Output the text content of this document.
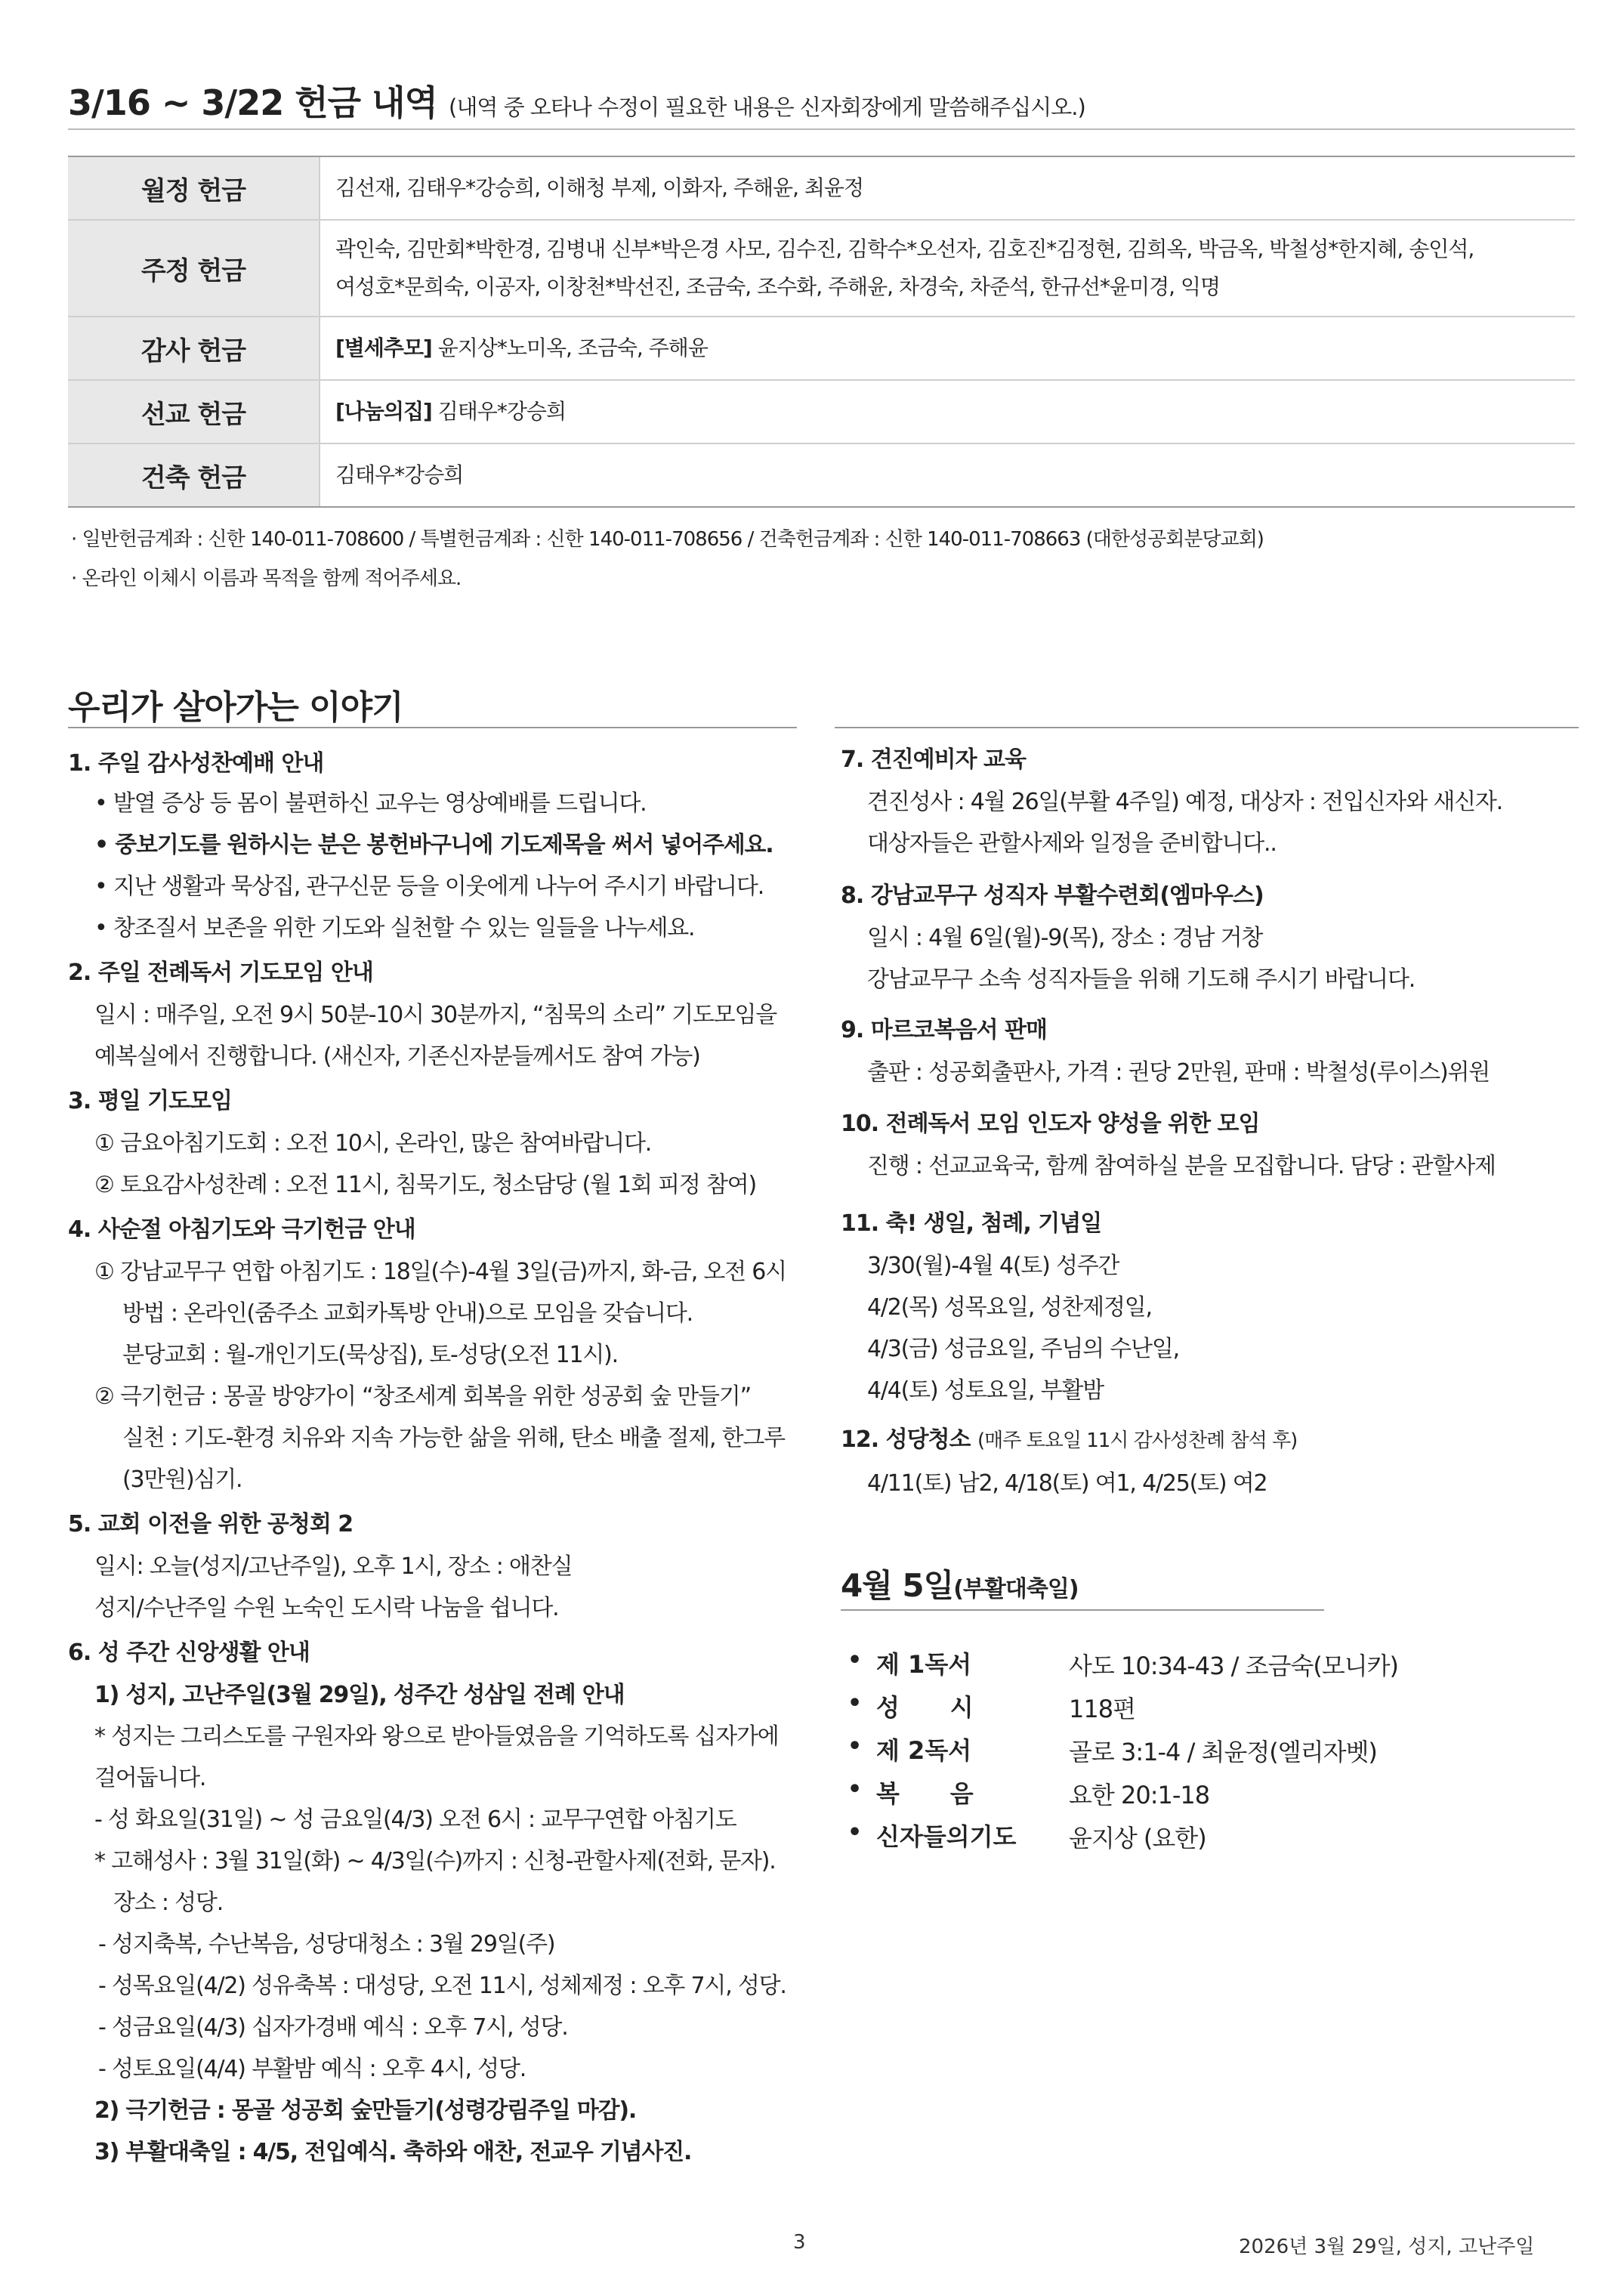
3/16 ~ 3/22 헌금 내역 (내역 중 오타나 수정이 필요한 내용은 신자회장에게 말씀해주십시오.)
월정 헌금	김선재, 김태우*강승희, 이해청 부제, 이화자, 주해윤, 최윤정
주정 헌금	곽인숙, 김만회*박한경, 김병내 신부*박은경 사모, 김수진, 김학수*오선자, 김호진*김정현, 김희옥, 박금옥, 박철성*한지혜, 송인석,
여성호*문희숙, 이공자, 이창천*박선진, 조금숙, 조수화, 주해윤, 차경숙, 차준석, 한규선*윤미경, 익명

감사 헌금	[별세추모] 윤지상*노미옥, 조금숙, 주해윤
선교 헌금	[나눔의집] 김태우*강승희
건축 헌금	김태우*강승희
· 일반헌금계좌 : 신한 140-011-708600 / 특별헌금계좌 : 신한 140-011-708656 / 건축헌금계좌 : 신한 140-011-708663 (대한성공회분당교회)
· 온라인 이체시 이름과 목적을 함께 적어주세요.
우리가 살아가는 이야기
1. 주일 감사성찬예배 안내
• 발열 증상 등 몸이 불편하신 교우는 영상예배를 드립니다.
• 중보기도를 원하시는 분은 봉헌바구니에 기도제목을 써서 넣어주세요.
• 지난 생활과 묵상집, 관구신문 등을 이웃에게 나누어 주시기 바랍니다.
• 창조질서 보존을 위한 기도와 실천할 수 있는 일들을 나누세요.
2. 주일 전례독서 기도모임 안내
일시 : 매주일, 오전 9시 50분-10시 30분까지, “침묵의 소리” 기도모임을
예복실에서 진행합니다. (새신자, 기존신자분들께서도 참여 가능)
3. 평일 기도모임
① 금요아침기도회 : 오전 10시, 온라인, 많은 참여바랍니다.
② 토요감사성찬례 : 오전 11시, 침묵기도, 청소담당 (월 1회 피정 참여)
4. 사순절 아침기도와 극기헌금 안내
① 강남교무구 연합 아침기도 : 18일(수)-4월 3일(금)까지, 화-금, 오전 6시
방법 : 온라인(줌주소 교회카톡방 안내)으로 모임을 갖습니다.
분당교회 : 월-개인기도(묵상집), 토-성당(오전 11시).
② 극기헌금 : 몽골 방양가이 “창조세계 회복을 위한 성공회 숲 만들기”
실천 : 기도-환경 치유와 지속 가능한 삶을 위해, 탄소 배출 절제, 한그루
(3만원)심기.
5. 교회 이전을 위한 공청회 2
일시: 오늘(성지/고난주일), 오후 1시, 장소 : 애찬실
성지/수난주일 수원 노숙인 도시락 나눔을 쉽니다.
6. 성 주간 신앙생활 안내
1) 성지, 고난주일(3월 29일), 성주간 성삼일 전례 안내
* 성지는 그리스도를 구원자와 왕으로 받아들였음을 기억하도록 십자가에
걸어둡니다.
- 성 화요일(31일) ~ 성 금요일(4/3) 오전 6시 : 교무구연합 아침기도
* 고해성사 : 3월 31일(화) ~ 4/3일(수)까지 : 신청-관할사제(전화, 문자).
장소 : 성당.
- 성지축복, 수난복음, 성당대청소 : 3월 29일(주)
- 성목요일(4/2) 성유축복 : 대성당, 오전 11시, 성체제정 : 오후 7시, 성당.
- 성금요일(4/3) 십자가경배 예식 : 오후 7시, 성당.
- 성토요일(4/4) 부활밤 예식 : 오후 4시, 성당.
2) 극기헌금 : 몽골 성공회 숲만들기(성령강림주일 마감).
3) 부활대축일 : 4/5, 전입예식. 축하와 애찬, 전교우 기념사진.
7. 견진예비자 교육
견진성사 : 4월 26일(부활 4주일) 예정, 대상자 : 전입신자와 새신자.
대상자들은 관할사제와 일정을 준비합니다..
8. 강남교무구 성직자 부활수련회(엠마우스)
일시 : 4월 6일(월)-9(목), 장소 : 경남 거창
강남교무구 소속 성직자들을 위해 기도해 주시기 바랍니다.
9. 마르코복음서 판매
출판 : 성공회출판사, 가격 : 권당 2만원, 판매 : 박철성(루이스)위원
10. 전례독서 모임 인도자 양성을 위한 모임
진행 : 선교교육국, 함께 참여하실 분을 모집합니다. 담당 : 관할사제
11. 축! 생일, 첨례, 기념일
3/30(월)-4월 4(토) 성주간
4/2(목) 성목요일, 성찬제정일,
4/3(금) 성금요일, 주님의 수난일,
4/4(토) 성토요일, 부활밤
12. 성당청소 (매주 토요일 11시 감사성찬례 참석 후)
4/11(토) 남2, 4/18(토) 여1, 4/25(토) 여2
4월 5일(부활대축일)
• 제 1독서	사도 10:34-43 / 조금숙(모니카)
• 성      시	118편
• 제 2독서	골로 3:1-4 / 최윤정(엘리자벳)
• 복      음	요한 20:1-18
• 신자들의기도 윤지상 (요한)
3	2026년 3월 29일, 성지, 고난주일
